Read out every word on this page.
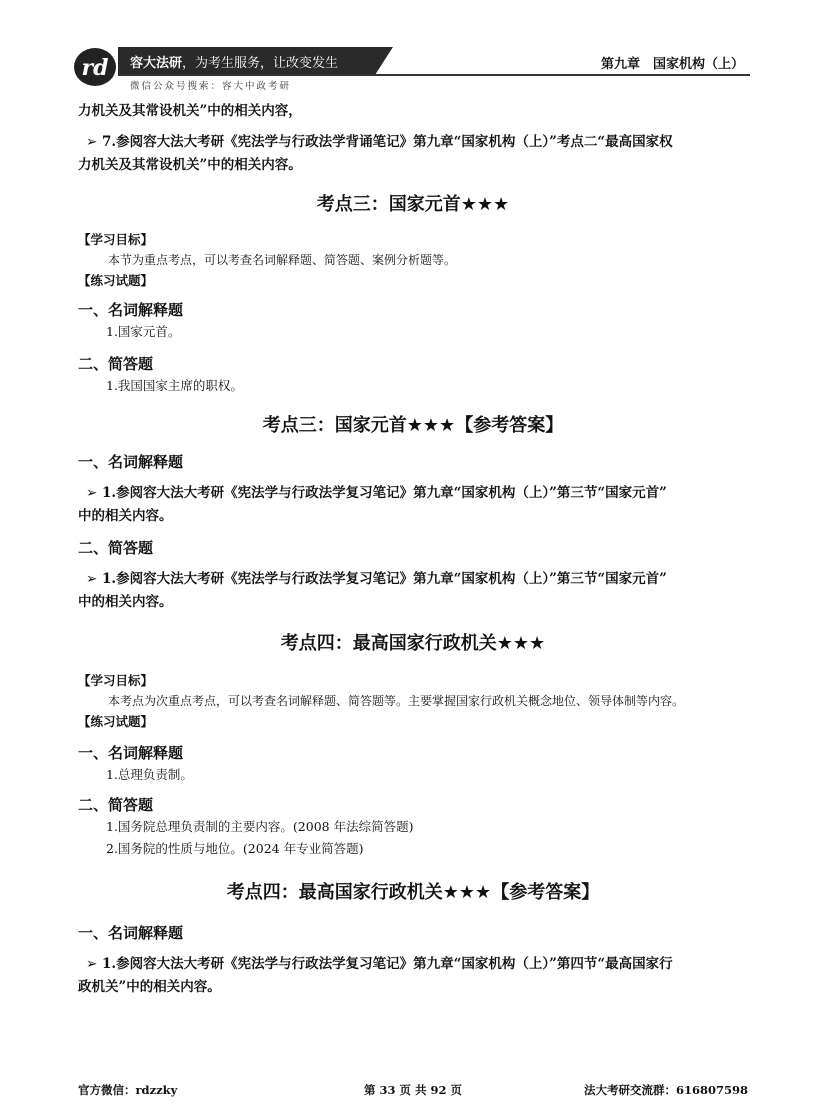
rd 容大法研，为考生服务，让改变发生
微信公众号搜索：容大中政考研
第九章　国家机构（上）

力机关及其常设机关”中的相关内容，

➢ 7.参阅容大法大考研《宪法学与行政法学背诵笔记》第九章“国家机构（上）”考点二“最高国家权

力机关及其常设机关”中的相关内容。

考点三：国家元首★★★

【学习目标】

本节为重点考点，可以考查名词解释题、简答题、案例分析题等。

【练习试题】

一、名词解释题

1.国家元首。

二、简答题

1.我国国家主席的职权。

考点三：国家元首★★★【参考答案】

一、名词解释题

➢ 1.参阅容大法大考研《宪法学与行政法学复习笔记》第九章“国家机构（上）”第三节“国家元首”

中的相关内容。

二、简答题

➢ 1.参阅容大法大考研《宪法学与行政法学复习笔记》第九章“国家机构（上）”第三节“国家元首”

中的相关内容。

考点四：最高国家行政机关★★★

【学习目标】

本考点为次重点考点，可以考查名词解释题、简答题等。主要掌握国家行政机关概念地位、领导体制等内容。

【练习试题】

一、名词解释题

1.总理负责制。

二、简答题

1.国务院总理负责制的主要内容。(2008 年法综简答题)

2.国务院的性质与地位。(2024 年专业简答题)

考点四：最高国家行政机关★★★【参考答案】

一、名词解释题

➢ 1.参阅容大法大考研《宪法学与行政法学复习笔记》第九章“国家机构（上）”第四节“最高国家行

政机关”中的相关内容。

官方微信：rdzzky	第 33 页 共 92 页	法大考研交流群：616807598
